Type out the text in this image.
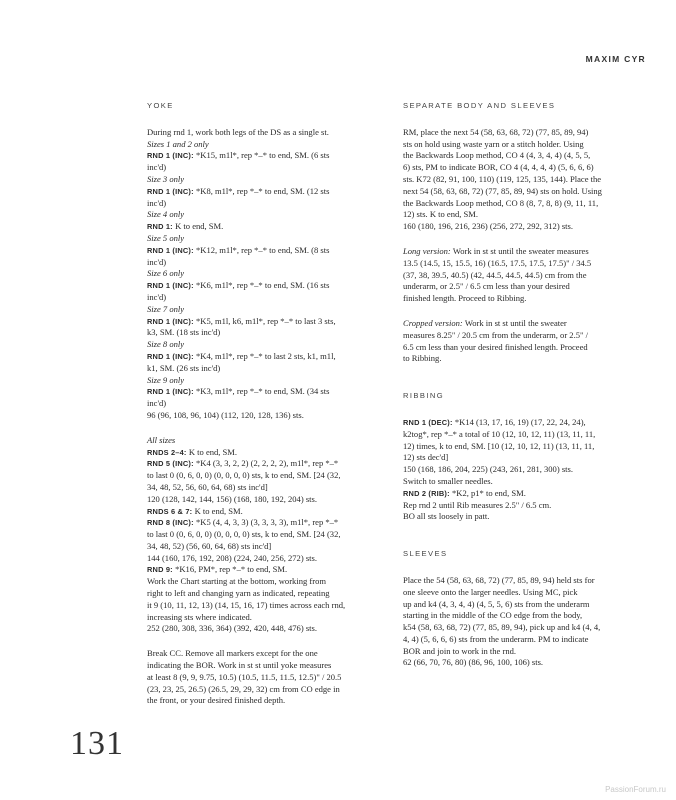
MAXIM CYR
YOKE
During rnd 1, work both legs of the DS as a single st.
Sizes 1 and 2 only
RND 1 (INC): *K15, m1l*, rep *–* to end, SM. (6 sts
inc'd)
Size 3 only
RND 1 (INC): *K8, m1l*, rep *–* to end, SM. (12 sts
inc'd)
Size 4 only
RND 1: K to end, SM.
Size 5 only
RND 1 (INC): *K12, m1l*, rep *–* to end, SM. (8 sts
inc'd)
Size 6 only
RND 1 (INC): *K6, m1l*, rep *–* to end, SM. (16 sts
inc'd)
Size 7 only
RND 1 (INC): *K5, m1l, k6, m1l*, rep *–* to last 3 sts,
k3, SM. (18 sts inc'd)
Size 8 only
RND 1 (INC): *K4, m1l*, rep *–* to last 2 sts, k1, m1l,
k1, SM. (26 sts inc'd)
Size 9 only
RND 1 (INC): *K3, m1l*, rep *–* to end, SM. (34 sts
inc'd)
96 (96, 108, 96, 104) (112, 120, 128, 136) sts.
All sizes
RNDS 2–4: K to end, SM.
RND 5 (INC): *K4 (3, 3, 2, 2) (2, 2, 2, 2), m1l*, rep *–*
to last 0 (0, 6, 0, 0) (0, 0, 0, 0) sts, k to end, SM. [24 (32,
34, 48, 52, 56, 60, 64, 68) sts inc'd]
120 (128, 142, 144, 156) (168, 180, 192, 204) sts.
RNDS 6 & 7: K to end, SM.
RND 8 (INC): *K5 (4, 4, 3, 3) (3, 3, 3, 3), m1l*, rep *–*
to last 0 (0, 6, 0, 0) (0, 0, 0, 0) sts, k to end, SM. [24 (32,
34, 48, 52) (56, 60, 64, 68) sts inc'd]
144 (160, 176, 192, 208) (224, 240, 256, 272) sts.
RND 9: *K16, PM*, rep *–* to end, SM.
Work the Chart starting at the bottom, working from
right to left and changing yarn as indicated, repeating
it 9 (10, 11, 12, 13) (14, 15, 16, 17) times across each rnd,
increasing sts where indicated.
252 (280, 308, 336, 364) (392, 420, 448, 476) sts.
Break CC. Remove all markers except for the one
indicating the BOR. Work in st st until yoke measures
at least 8 (9, 9, 9.75, 10.5) (10.5, 11.5, 11.5, 12.5)" / 20.5
(23, 23, 25, 26.5) (26.5, 29, 29, 32) cm from CO edge in
the front, or your desired finished depth.
SEPARATE BODY AND SLEEVES
RM, place the next 54 (58, 63, 68, 72) (77, 85, 89, 94)
sts on hold using waste yarn or a stitch holder. Using
the Backwards Loop method, CO 4 (4, 3, 4, 4) (4, 5, 5,
6) sts, PM to indicate BOR, CO 4 (4, 4, 4, 4) (5, 6, 6, 6)
sts. K72 (82, 91, 100, 110) (119, 125, 135, 144). Place the
next 54 (58, 63, 68, 72) (77, 85, 89, 94) sts on hold. Using
the Backwards Loop method, CO 8 (8, 7, 8, 8) (9, 11, 11,
12) sts. K to end, SM.
160 (180, 196, 216, 236) (256, 272, 292, 312) sts.
Long version: Work in st st until the sweater measures
13.5 (14.5, 15, 15.5, 16) (16.5, 17.5, 17.5, 17.5)" / 34.5
(37, 38, 39.5, 40.5) (42, 44.5, 44.5, 44.5) cm from the
underarm, or 2.5" / 6.5 cm less than your desired
finished length. Proceed to Ribbing.
Cropped version: Work in st st until the sweater
measures 8.25" / 20.5 cm from the underarm, or 2.5" /
6.5 cm less than your desired finished length. Proceed
to Ribbing.
RIBBING
RND 1 (DEC): *K14 (13, 17, 16, 19) (17, 22, 24, 24),
k2tog*, rep *–* a total of 10 (12, 10, 12, 11) (13, 11, 11,
12) times, k to end, SM. [10 (12, 10, 12, 11) (13, 11, 11,
12) sts dec'd]
150 (168, 186, 204, 225) (243, 261, 281, 300) sts.
Switch to smaller needles.
RND 2 (RIB): *K2, p1* to end, SM.
Rep rnd 2 until Rib measures 2.5" / 6.5 cm.
BO all sts loosely in patt.
SLEEVES
Place the 54 (58, 63, 68, 72) (77, 85, 89, 94) held sts for
one sleeve onto the larger needles. Using MC, pick
up and k4 (4, 3, 4, 4) (4, 5, 5, 6) sts from the underarm
starting in the middle of the CO edge from the body,
k54 (58, 63, 68, 72) (77, 85, 89, 94), pick up and k4 (4, 4,
4, 4) (5, 6, 6, 6) sts from the underarm. PM to indicate
BOR and join to work in the rnd.
62 (66, 70, 76, 80) (86, 96, 100, 106) sts.
131
PassionForum.ru
